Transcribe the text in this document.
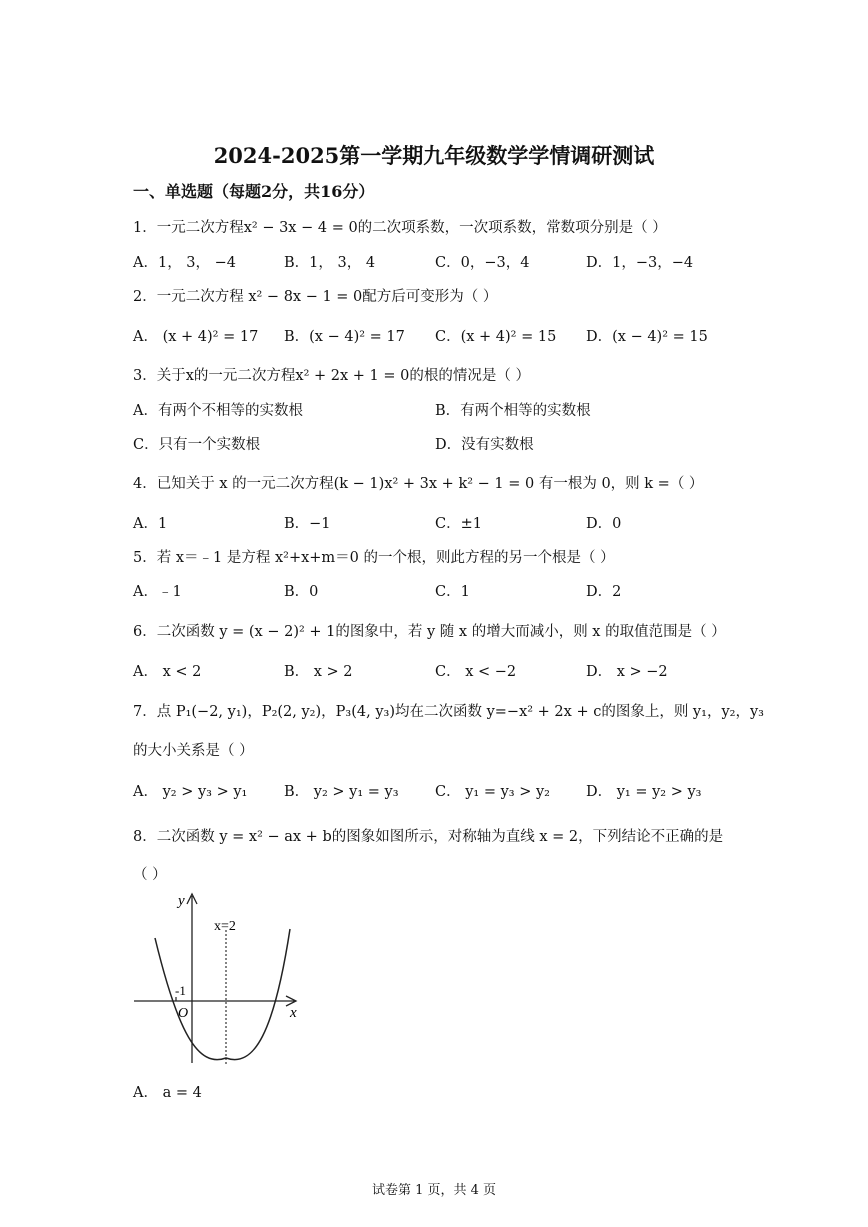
2024-2025第一学期九年级数学学情调研测试
一、单选题（每题2分，共16分）
1．一元二次方程x² − 3x − 4 = 0的二次项系数，一次项系数，常数项分别是（ ）
A．1， 3， −4	B．1， 3， 4	C．0，−3，4	D．1，−3，−4
2．一元二次方程 x² − 8x − 1 = 0配方后可变形为（ ）
A． (x + 4)² = 17 B．(x − 4)² = 17 C．(x + 4)² = 15 D．(x − 4)² = 15
3．关于x的一元二次方程x² + 2x + 1 = 0的根的情况是（ ）
A．有两个不相等的实数根	B．有两个相等的实数根
C．只有一个实数根	D．没有实数根
4．已知关于 x 的一元二次方程(k − 1)x² + 3x + k² − 1 = 0 有一根为 0，则 k =（ ）
A．1	B．−1	C．±1	D．0
5．若 x＝﹣1 是方程 x²+x+m＝0 的一个根，则此方程的另一个根是（ ）
A．﹣1	B．0	C．1	D．2
6．二次函数 y = (x − 2)² + 1的图象中，若 y 随 x 的增大而减小，则 x 的取值范围是（ ）
A． x < 2	B． x > 2	C． x < −2	D． x > −2
7．点 P₁(−2, y₁)，P₂(2, y₂)，P₃(4, y₃)均在二次函数 y=−x² + 2x + c的图象上，则 y₁，y₂，y₃
的大小关系是（ ）
A． y₂ > y₃ > y₁	B． y₂ > y₁ = y₃	C． y₁ = y₃ > y₂ D． y₁ = y₂ > y₃
8．二次函数 y = x² − ax + b的图象如图所示，对称轴为直线 x = 2，下列结论不正确的是
（ ）
y
x
x=2
-1
O
A． a = 4
试卷第 1 页，共 4 页
